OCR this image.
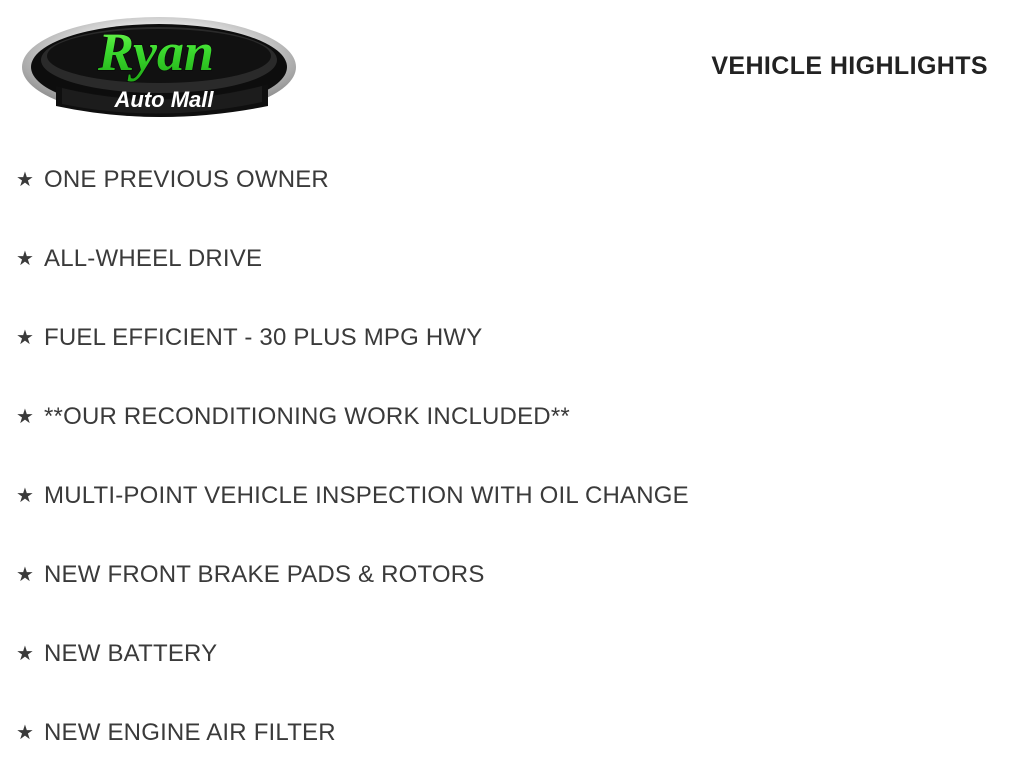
Ryan
Auto Mall
VEHICLE HIGHLIGHTS
★ ONE PREVIOUS OWNER
★ ALL-WHEEL DRIVE
★ FUEL EFFICIENT - 30 PLUS MPG HWY
★ **OUR RECONDITIONING WORK INCLUDED**
★ MULTI-POINT VEHICLE INSPECTION WITH OIL CHANGE
★ NEW FRONT BRAKE PADS & ROTORS
★ NEW BATTERY
★ NEW ENGINE AIR FILTER
